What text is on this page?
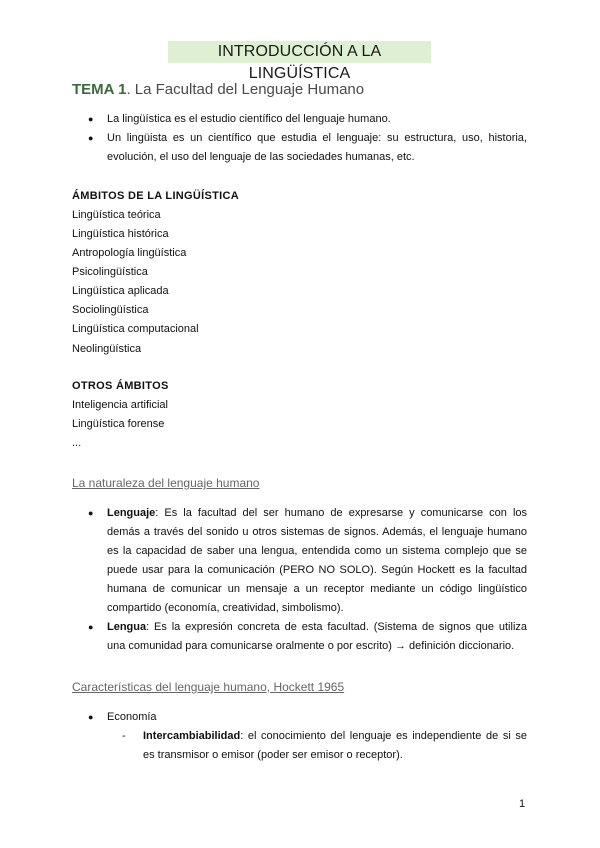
INTRODUCCIÓN A LA LINGÜÍSTICA
TEMA 1. La Facultad del Lenguaje Humano
● La lingüística es el estudio científico del lenguaje humano.
● Un lingüista es un científico que estudia el lenguaje: su estructura, uso, historia, evolución, el uso del lenguaje de las sociedades humanas, etc.
ÁMBITOS DE LA LINGÜÍSTICA
Lingüística teórica
Lingüística histórica
Antropología lingüística
Psicolingüística
Lingüística aplicada
Sociolingüística
Lingüística computacional
Neolingüística
OTROS ÁMBITOS
Inteligencia artificial
Lingüística forense
...
La naturaleza del lenguaje humano
● Lenguaje: Es la facultad del ser humano de expresarse y comunicarse con los demás a través del sonido u otros sistemas de signos. Además, el lenguaje humano es la capacidad de saber una lengua, entendida como un sistema complejo que se puede usar para la comunicación (PERO NO SOLO). Según Hockett es la facultad humana de comunicar un mensaje a un receptor mediante un código lingüístico compartido (economía, creatividad, simbolismo).
● Lengua: Es la expresión concreta de esta facultad. (Sistema de signos que utiliza una comunidad para comunicarse oralmente o por escrito) → definición diccionario.
Características del lenguaje humano, Hockett 1965
● Economía
- Intercambiabilidad: el conocimiento del lenguaje es independiente de si se es transmisor o emisor (poder ser emisor o receptor).
1
